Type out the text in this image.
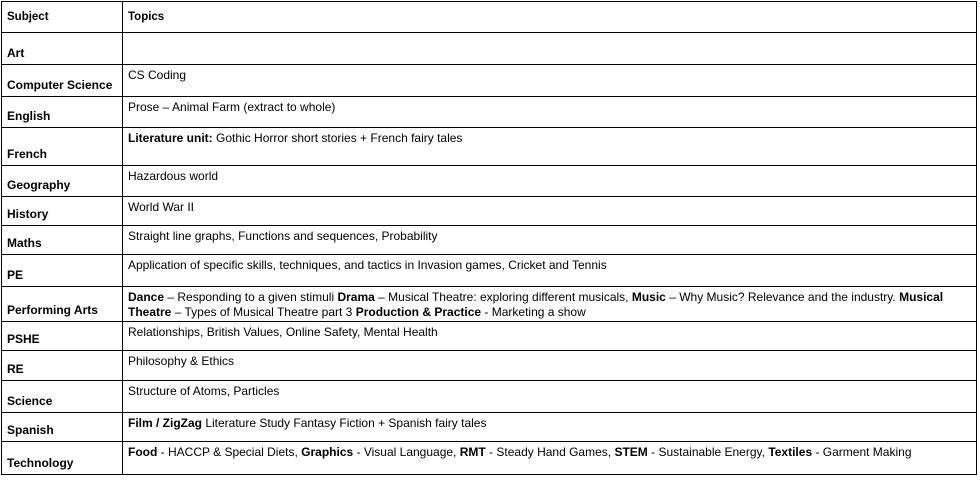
Subject	Topics
Art	
Computer Science	CS Coding
English	Prose – Animal Farm (extract to whole)
French	Literature unit: Gothic Horror short stories + French fairy tales
Geography	Hazardous world
History	World War II
Maths	Straight line graphs, Functions and sequences, Probability
PE	Application of specific skills, techniques, and tactics in Invasion games, Cricket and Tennis
Performing Arts	Dance – Responding to a given stimuli Drama – Musical Theatre: exploring different musicals, Music – Why Music? Relevance and the industry. Musical Theatre – Types of Musical Theatre part 3 Production & Practice - Marketing a show
PSHE	Relationships, British Values, Online Safety, Mental Health
RE	Philosophy & Ethics
Science	Structure of Atoms, Particles
Spanish	Film / ZigZag Literature Study Fantasy Fiction + Spanish fairy tales
Technology	Food - HACCP & Special Diets, Graphics - Visual Language, RMT - Steady Hand Games, STEM - Sustainable Energy, Textiles - Garment Making
